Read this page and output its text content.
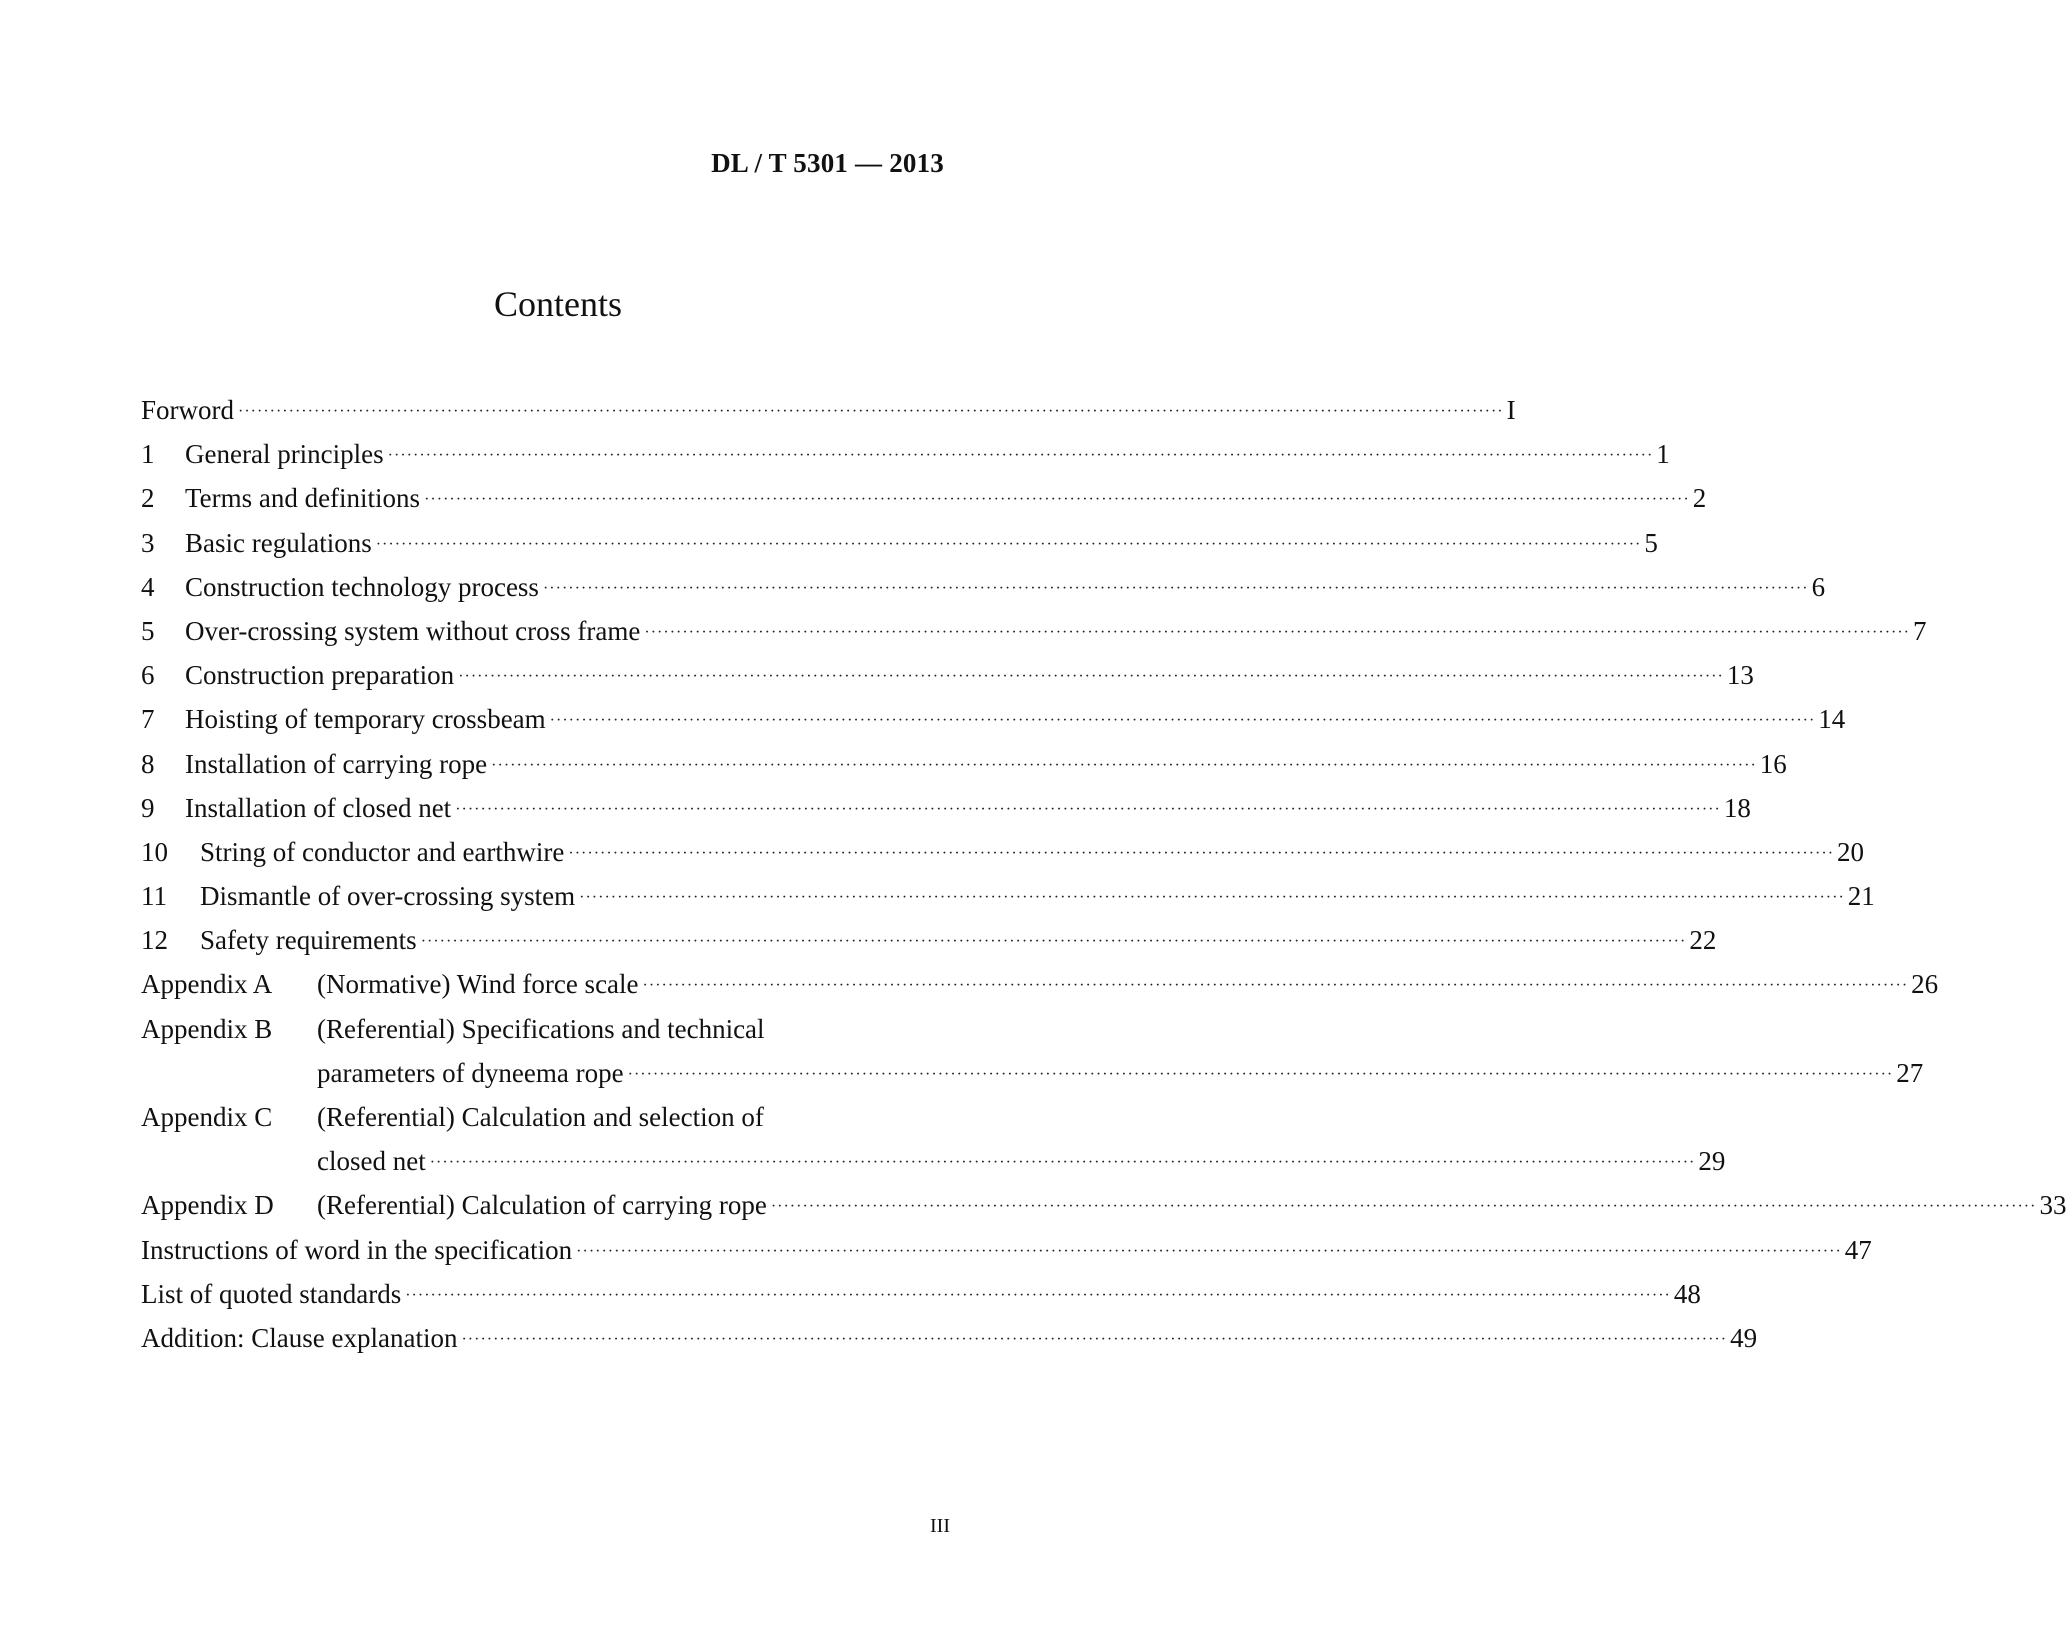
DL / T 5301 — 2013
Contents
Forword ········································································································································································································ I
1	General principles ········································································································································································································ 1
2	Terms and definitions ········································································································································································································ 2
3	Basic regulations ········································································································································································································ 5
4	Construction technology process ········································································································································································································ 6
5	Over-crossing system without cross frame ········································································································································································································ 7
6	Construction preparation ········································································································································································································ 13
7	Hoisting of temporary crossbeam ········································································································································································································ 14
8	Installation of carrying rope ········································································································································································································ 16
9	Installation of closed net ········································································································································································································ 18
10	String of conductor and earthwire ········································································································································································································ 20
11	Dismantle of over-crossing system ········································································································································································································ 21
12	Safety requirements ········································································································································································································ 22
Appendix A	(Normative) Wind force scale ········································································································································································································ 26
Appendix B	(Referential) Specifications and technical
parameters of dyneema rope ········································································································································································································ 27
Appendix C	(Referential) Calculation and selection of
closed net ········································································································································································································ 29
Appendix D	(Referential) Calculation of carrying rope ········································································································································································································ 33
Instructions of word in the specification ········································································································································································································ 47
List of quoted standards ········································································································································································································ 48
Addition: Clause explanation ········································································································································································································ 49
III
